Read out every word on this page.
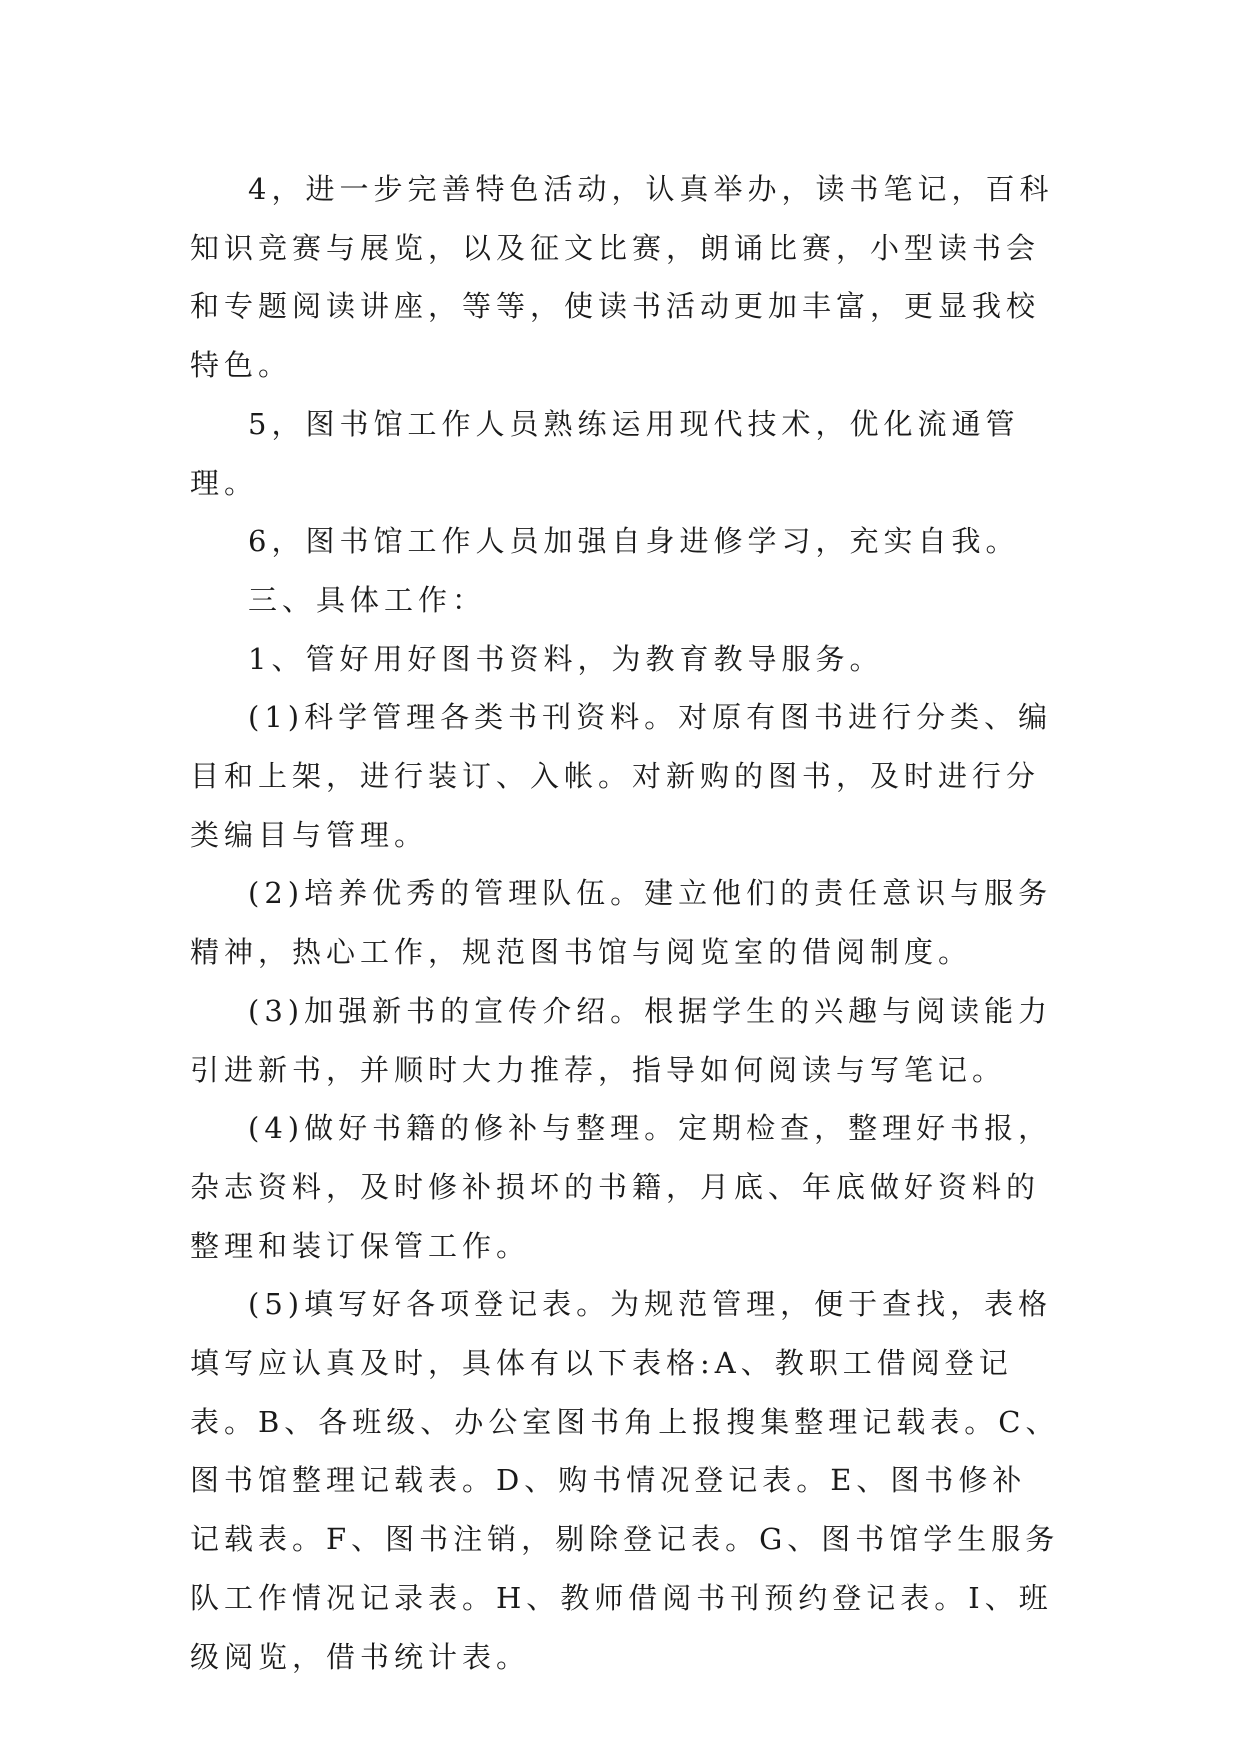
4，进一步完善特色活动，认真举办，读书笔记，百科知识竞赛与展览，以及征文比赛，朗诵比赛，小型读书会和专题阅读讲座，等等，使读书活动更加丰富，更显我校特色。

5，图书馆工作人员熟练运用现代技术，优化流通管理。

6，图书馆工作人员加强自身进修学习，充实自我。

三、具体工作：

1、管好用好图书资料，为教育教导服务。

(1)科学管理各类书刊资料。对原有图书进行分类、编目和上架，进行装订、入帐。对新购的图书，及时进行分类编目与管理。

(2)培养优秀的管理队伍。建立他们的责任意识与服务精神，热心工作，规范图书馆与阅览室的借阅制度。

(3)加强新书的宣传介绍。根据学生的兴趣与阅读能力引进新书，并顺时大力推荐，指导如何阅读与写笔记。

(4)做好书籍的修补与整理。定期检查，整理好书报，杂志资料，及时修补损坏的书籍，月底、年底做好资料的整理和装订保管工作。

(5)填写好各项登记表。为规范管理，便于查找，表格填写应认真及时，具体有以下表格:A、教职工借阅登记表。B、各班级、办公室图书角上报搜集整理记载表。C、图书馆整理记载表。D、购书情况登记表。E、图书修补记载表。F、图书注销，剔除登记表。G、图书馆学生服务队工作情况记录表。H、教师借阅书刊预约登记表。I、班级阅览，借书统计表。
